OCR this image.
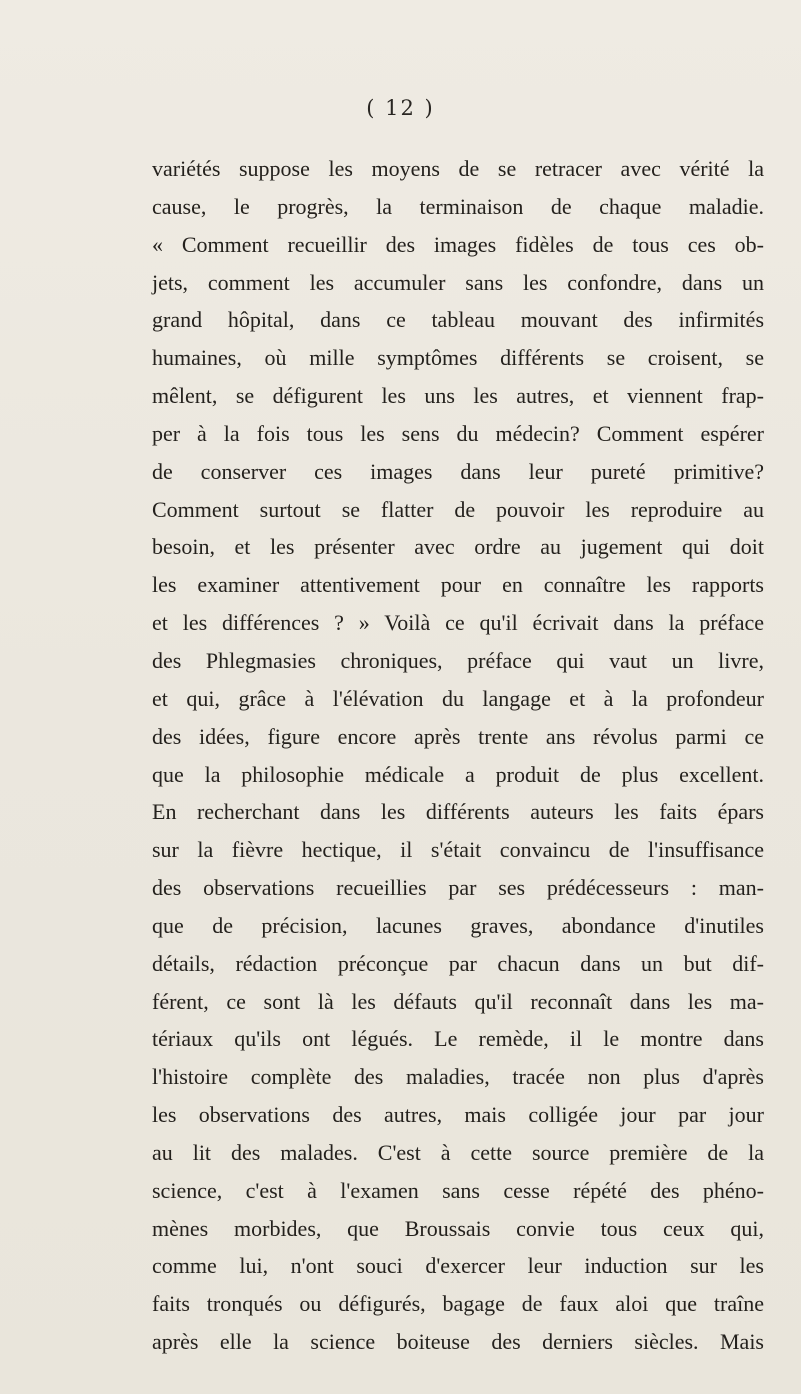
( 12 )
variétés suppose les moyens de se retracer avec vérité la
cause, le progrès, la terminaison de chaque maladie.
« Comment recueillir des images fidèles de tous ces ob-
jets, comment les accumuler sans les confondre, dans un
grand hôpital, dans ce tableau mouvant des infirmités
humaines, où mille symptômes différents se croisent, se
mêlent, se défigurent les uns les autres, et viennent frap-
per à la fois tous les sens du médecin? Comment espérer
de conserver ces images dans leur pureté primitive?
Comment surtout se flatter de pouvoir les reproduire au
besoin, et les présenter avec ordre au jugement qui doit
les examiner attentivement pour en connaître les rapports
et les différences ? » Voilà ce qu'il écrivait dans la préface
des Phlegmasies chroniques, préface qui vaut un livre,
et qui, grâce à l'élévation du langage et à la profondeur
des idées, figure encore après trente ans révolus parmi ce
que la philosophie médicale a produit de plus excellent.
En recherchant dans les différents auteurs les faits épars
sur la fièvre hectique, il s'était convaincu de l'insuffisance
des observations recueillies par ses prédécesseurs : man-
que de précision, lacunes graves, abondance d'inutiles
détails, rédaction préconçue par chacun dans un but dif-
férent, ce sont là les défauts qu'il reconnaît dans les ma-
tériaux qu'ils ont légués. Le remède, il le montre dans
l'histoire complète des maladies, tracée non plus d'après
les observations des autres, mais colligée jour par jour
au lit des malades. C'est à cette source première de la
science, c'est à l'examen sans cesse répété des phéno-
mènes morbides, que Broussais convie tous ceux qui,
comme lui, n'ont souci d'exercer leur induction sur les
faits tronqués ou défigurés, bagage de faux aloi que traîne
après elle la science boiteuse des derniers siècles. Mais
